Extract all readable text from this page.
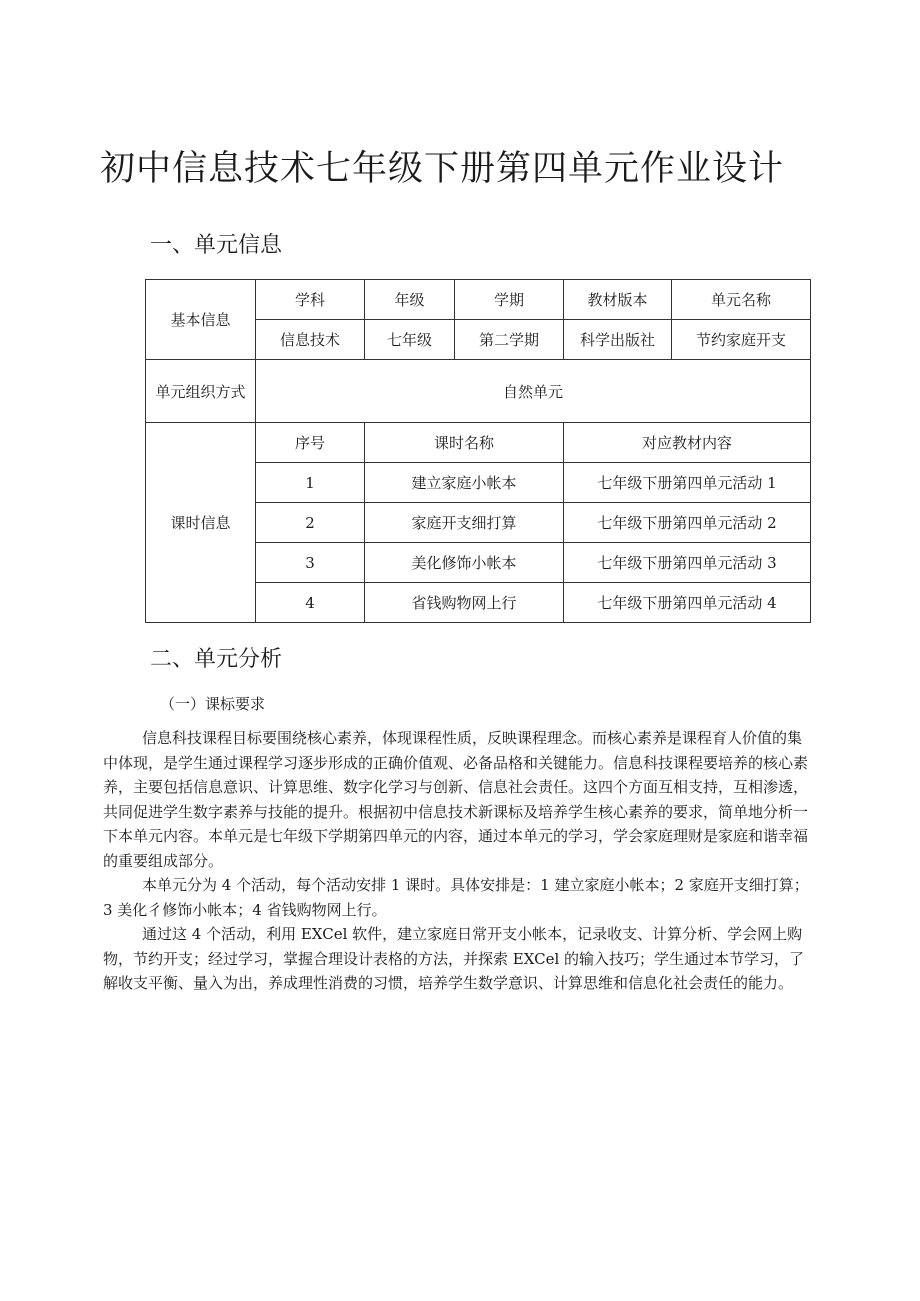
初中信息技术七年级下册第四单元作业设计
一、单元信息
基本信息	学科	年级	学期	教材版本	单元名称
	信息技术	七年级	第二学期	科学出版社	节约家庭开支
单元组织方式	自然单元				
课时信息	序号	课时名称		对应教材内容	
	1	建立家庭小帐本		七年级下册第四单元活动 1	
	2	家庭开支细打算		七年级下册第四单元活动 2	
	3	美化修饰小帐本		七年级下册第四单元活动 3	
	4	省钱购物网上行		七年级下册第四单元活动 4	
二、单元分析
（一）课标要求

信息科技课程目标要围绕核心素养，体现课程性质，反映课程理念。而核心素养是课程育人价值的集中体现，是学生通过课程学习逐步形成的正确价值观、必备品格和关键能力。信息科技课程要培养的核心素养，主要包括信息意识、计算思维、数字化学习与创新、信息社会责任。这四个方面互相支持，互相渗透，共同促进学生数字素养与技能的提升。根据初中信息技术新课标及培养学生核心素养的要求，简单地分析一下本单元内容。本单元是七年级下学期第四单元的内容，通过本单元的学习，学会家庭理财是家庭和谐幸福的重要组成部分。

本单元分为 4 个活动，每个活动安排 1 课时。具体安排是：1 建立家庭小帐本；2 家庭开支细打算；3 美化彳修饰小帐本；4 省钱购物网上行。

通过这 4 个活动，利用 EXCel 软件，建立家庭日常开支小帐本，记录收支、计算分析、学会网上购物，节约开支；经过学习，掌握合理设计表格的方法，并探索 EXCel 的输入技巧；学生通过本节学习，了解收支平衡、量入为出，养成理性消费的习惯，培养学生数学意识、计算思维和信息化社会责任的能力。
